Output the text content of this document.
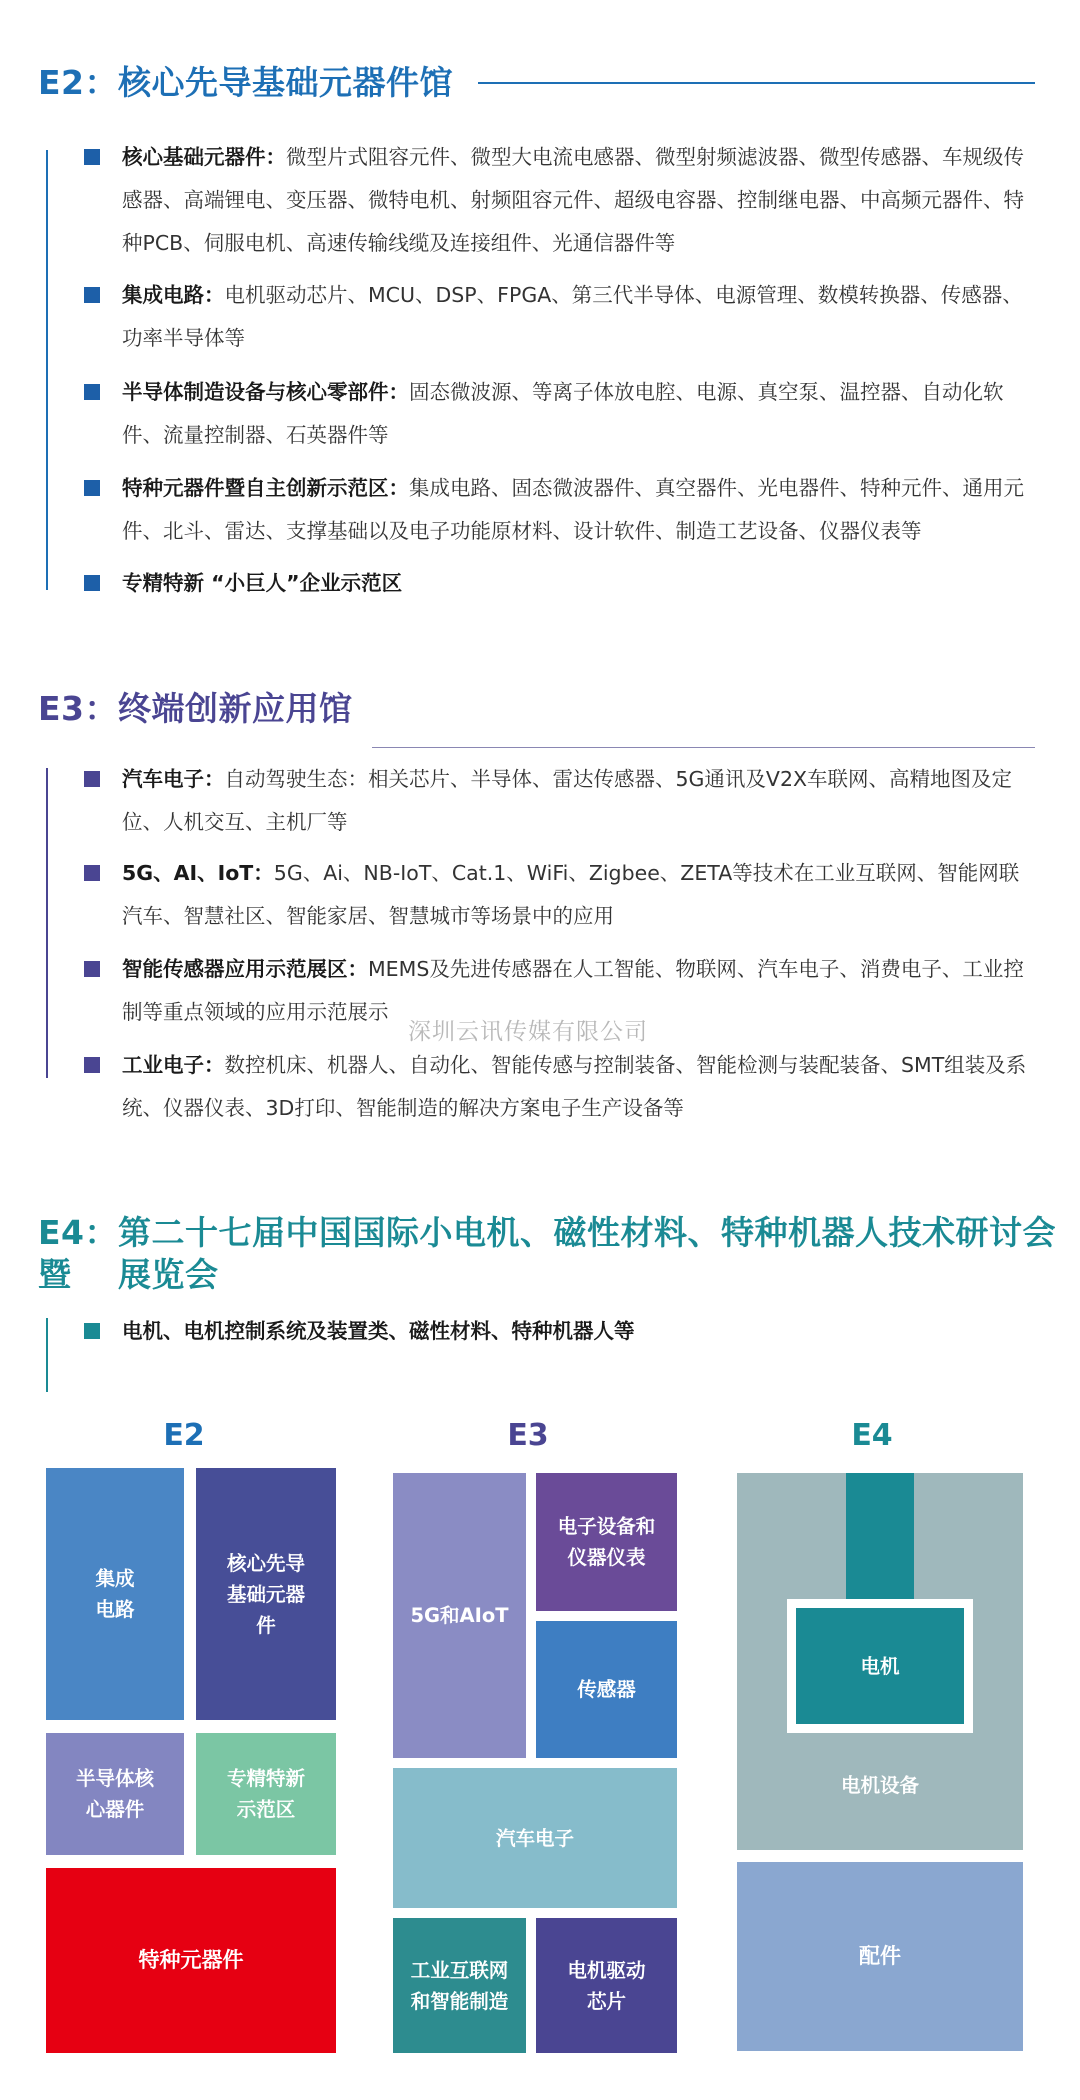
E2：核心先导基础元器件馆
核心基础元器件：微型片式阻容元件、微型大电流电感器、微型射频滤波器、微型传感器、车规级传感器、高端锂电、变压器、微特电机、射频阻容元件、超级电容器、控制继电器、中高频元器件、特种PCB、伺服电机、高速传输线缆及连接组件、光通信器件等
集成电路：电机驱动芯片、MCU、DSP、FPGA、第三代半导体、电源管理、数模转换器、传感器、功率半导体等
半导体制造设备与核心零部件：固态微波源、等离子体放电腔、电源、真空泵、温控器、自动化软件、流量控制器、石英器件等
特种元器件暨自主创新示范区：集成电路、固态微波器件、真空器件、光电器件、特种元件、通用元件、北斗、雷达、支撑基础以及电子功能原材料、设计软件、制造工艺设备、仪器仪表等
专精特新 “小巨人”企业示范区
E3：终端创新应用馆
汽车电子：自动驾驶生态：相关芯片、半导体、雷达传感器、5G通讯及V2X车联网、高精地图及定位、人机交互、主机厂等
5G、AI、IoT：5G、Ai、NB-IoT、Cat.1、WiFi、Zigbee、ZETA等技术在工业互联网、智能网联汽车、智慧社区、智能家居、智慧城市等场景中的应用
智能传感器应用示范展区：MEMS及先进传感器在人工智能、物联网、汽车电子、消费电子、工业控制等重点领域的应用示范展示
工业电子：数控机床、机器人、自动化、智能传感与控制装备、智能检测与装配装备、SMT组装及系统、仪器仪表、3D打印、智能制造的解决方案电子生产设备等
深圳云讯传媒有限公司
E4：第二十七届中国国际小电机、磁性材料、特种机器人技术研讨会暨	展览会
电机、电机控制系统及装置类、磁性材料、特种机器人等
E2
集成
电路
核心先导
基础元器
件
半导体核
心器件
专精特新
示范区
特种元器件
E3
5G和AIoT
电子设备和
仪器仪表
传感器
汽车电子
工业互联网
和智能制造
电机驱动
芯片
E4
电机
电机设备
配件
